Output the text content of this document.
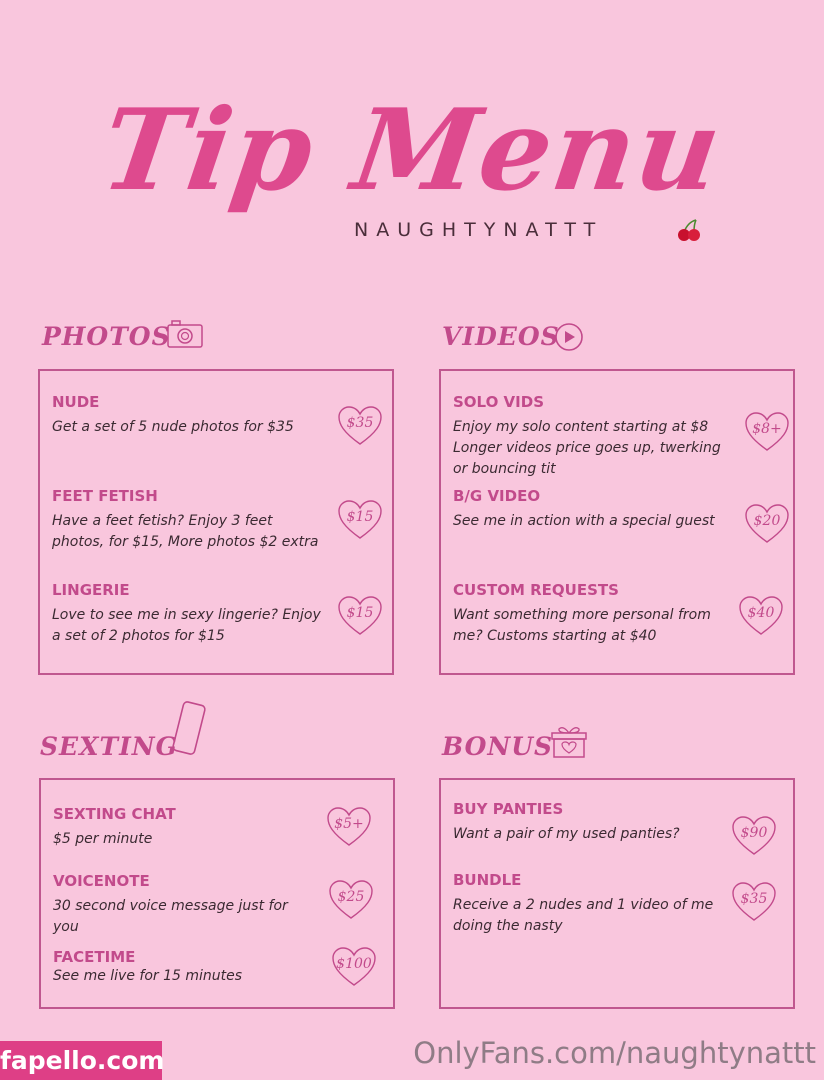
Tip Menu
NAUGHTYNATTT
PHOTOS
NUDE
Get a set of 5 nude photos for $35	$35
FEET FETISH
Have a feet fetish? Enjoy 3 feet photos, for $15, More photos $2 extra
$15
LINGERIE
Love to see me in sexy lingerie? Enjoy a set of 2 photos for $15
$15
VIDEOS
SOLO VIDS
Enjoy my solo content starting at $8 Longer videos price goes up, twerking or bouncing tit
$8+
B/G VIDEO
See me in action with a special guest	$20
CUSTOM REQUESTS
Want something more personal from me? Customs starting at $40
$40
SEXTING
SEXTING CHAT
$5 per minute
$5+
VOICENOTE
30 second voice message just for you
$25
FACETIME
See me live for 15 minutes
$100
BONUS
BUY PANTIES
Want a pair of my used panties?	$90
BUNDLE
Receive a 2 nudes and 1 video of me doing the nasty
$35
fapello.com	OnlyFans.com/naughtynattt
